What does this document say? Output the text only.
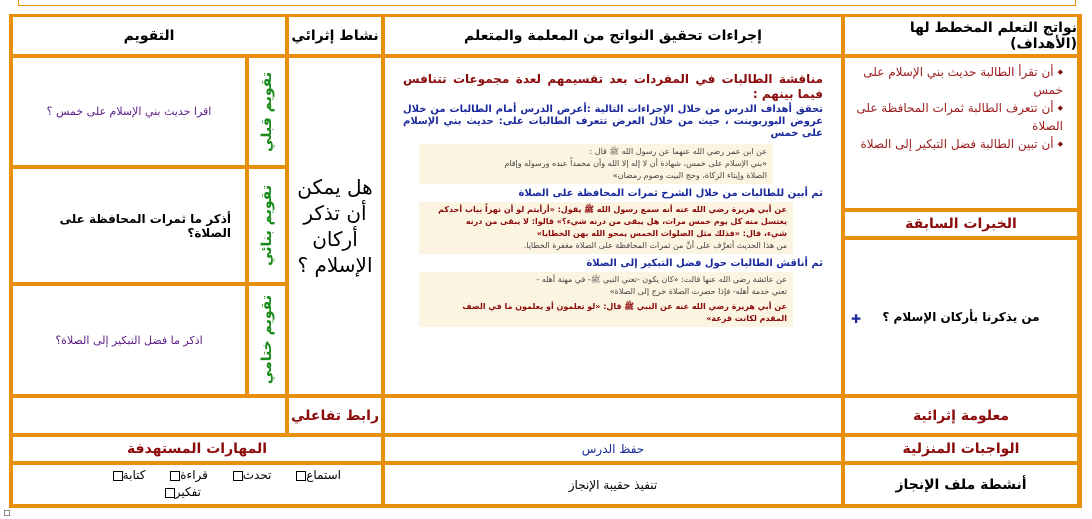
نواتج التعلم المخطط لها (الأهداف)
إجراءات تحقيق النواتج من المعلمة والمتعلم
نشاط إثرائي
التقويم
◆ أن تقرأ الطالبة حديث بني الإسلام على خمس
◆ أن تتعرف الطالبة ثمرات المحافظة على الصلاة
◆ أن تبين الطالبة فضل التبكير إلى الصلاة
الخبرات السابقة
من يذكرنا بأركان الإسلام ؟
✚
مناقشة الطالبات في المفردات بعد تقسيمهم لعدة مجموعات تتنافس فيما بينهم :
تحقق أهداف الدرس من خلال الإجراءات التالية :أعرض الدرس أمام الطالبات من خلال عروض البوربوينت ، حيث من خلال العرض تتعرف الطالبات على: حديث بني الإسلام على خمس
عن ابن عمر رضي الله عنهما عن رسول الله ﷺ قال :
«بني الإسلام على خمس، شهادة أن لا إله إلا الله وأن محمداً عبده ورسوله وإقام
الصلاة وإيتاء الزكاة، وحج البيت وصوم رمضان»
ثم أبين للطالبات من خلال الشرح ثمرات المحافظة على الصلاة
عن أبي هريرة رضي الله عنه أنه سمع رسول الله ﷺ يقول: «أرأيتم لو أن نهراً بباب أحدكم
يغتسل منه كل يوم خمس مرات، هل يبقى من درنه شيء؟» قالوا: لا يبقى من درنه
شيء، قال: «فذلك مثل الصلوات الخمس يمحو الله بهن الخطايا»
من هذا الحديث أتعرَّف على أنَّ من ثمرات المحافظة على الصلاة مغفرة الخطايا.
ثم أناقش الطالبات حول فضل التبكير إلى الصلاة
عن عائشة رضي الله عنها قالت: «كان يكون -تعني النبي ﷺ- في مهنة أهله -
تعني خدمة أهله- فإذا حضرت الصلاة خرج إلى الصلاة»
عن أبي هريرة رضي الله عنه عن النبي ﷺ قال: «لو تعلمون أو يعلمون ما في الصف
المقدم لكانت قرعة»
هل يمكن أن تذكر أركان الإسلام ؟
تقويم قبلي
اقرا حديث بني الإسلام على خمس ؟
تقويم بنائي
أذكر ما ثمرات المحافظة على الصلاة؟
تقويم ختامي
اذكر ما فضل التبكير إلى الصلاة؟
معلومة إثرائية
رابط تفاعلي
الواجبات المنزلية
حفظ الدرس
المهارات المستهدفة
أنشطة ملف الإنجاز
تنفيذ حقيبة الإنجاز
استماع تحدث قراءة كتابة
تفكير
